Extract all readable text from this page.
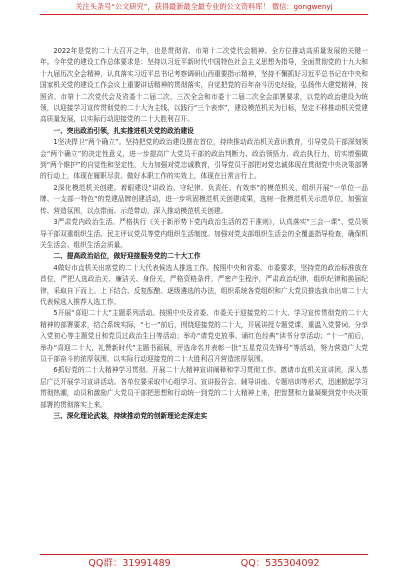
关注头条号“公文研究”，获得最新最全最专业的公文资料库！ 微信：gongwenyj

2022年是党的二十大召开之年，也是贯彻省、市第十二次党代会精神、全方位推动高质量发展的关键一年。今年党的建设工作总体要求是：坚持以习近平新时代中国特色社会主义思想为指导，全面贯彻党的十九大和十九届历次全会精神，认真落实习近平总书记考察调研山西重要指示精神，坚持不懈抓好习近平总书记在中央和国家机关党的建设工作会议上重要讲话精神的贯彻落实，自觉把党的百年奋斗历史经验，弘扬伟大建党精神，按照省、市第十二次党代会及省委十二届二次、三次全会和市委十二届二次全会部署要求，以党的政治建设为统领，以迎接学习宣传贯彻党的二十大为主线，以践行“三个表率”，建设模范机关为目标，坚定不移推动机关党建高质量发展，以实际行动迎接党的二十大胜利召开。

一、突出政治引领，扎实推进机关党的政治建设

1坚决捍卫“两个确立”。坚持把党的政治建设摆在首位，持续推动政治机关意识教育，引导党员干部深刻领会“两个确立”的决定性意义，进一步提高广大党员干部的政治判断力、政治领悟力、政治执行力，切实增强做到“两个维护”的自觉性和坚定性，大力加强对党忠诚教育，引导党员干部把对党忠诚体现在贯彻党中央决策部署的行动上，体现在履职尽责、做好本职工作的实效上，体现在日常言行上。

2深化模范机关创建。着眼建设“讲政治、守纪律、负责任、有效率”的模范机关，组织开展“一单位一品牌、一支部一特色”的党建品牌创建活动，进一步巩固模范机关创建成果，选树一批模范机关示范单位，加强宣传、营造氛围，以点带面、示范带动，深入推动模范机关创建。

3严肃党内政治生活。严格执行《关于新形势下党内政治生活的若干准则》，认真落实“三会一课”、党员领导干部双重组织生活、民主评议党员等党内组织生活制度。加强对党支部组织生活会的全覆盖指导检查，确保机关生活会、组织生活会质量。

二、提高政治站位，做好迎接服务党的二十大工作

4做好市直机关出席党的二十大代表候选人推选工作。按照中央和省委、市委要求，坚持党的政治标准放在首位，严把人选政治关、廉洁关、身份关，严格资格条件，严密产生程序，严肃政治纪律，组织纪律和换届纪律，采取自下而上、上下结合、反复酝酿、逐级遴选的办法，组织系统各党组织和广大党员推选我市出席二十大代表候选人推荐人选工作。

5开展“喜迎二十大”主题系列活动。按照中央及省委、市委关于迎接党的二十大、学习宣传贯彻党的二十大精神的部署要求，结合系统实际，“七一”前后，围绕迎接党的二十大，开展讲授专题党课、重温入党誓词、分享入党初心等主题党日和党员过政治生日等活动；举办“请党史放事、诵红色经典”读书分享活动；“十一”前后，举办“喜迎二十大，礼赞新时代”主题书画展，评选命名并表彰一批“五星党员先锋号”等活动，努力营造广大党员干部奋斗的浓厚氛围，以实际行动迎接党的二十大胜利召开营造浓厚氛围。

6抓好党的二十大精神学习贯彻。开展二十大精神宣讲阐释和学习贯彻工作。邀请市直机关宣讲团，深入基层广泛开展学习宣讲活动。各单位要采取中心组学习、宣讲报告会、辅导讲座、专题培训等形式，迅速掀起学习贯彻热潮，动员和激励广大党员干部把思想和行动统一到党的二十大精神上来，把智慧和力量凝聚到党中央决策部署的贯彻落实上来。

三、深化理论武装，持续推动党的创新理论走深走实

QQ群：31991489	QQ：535304092
